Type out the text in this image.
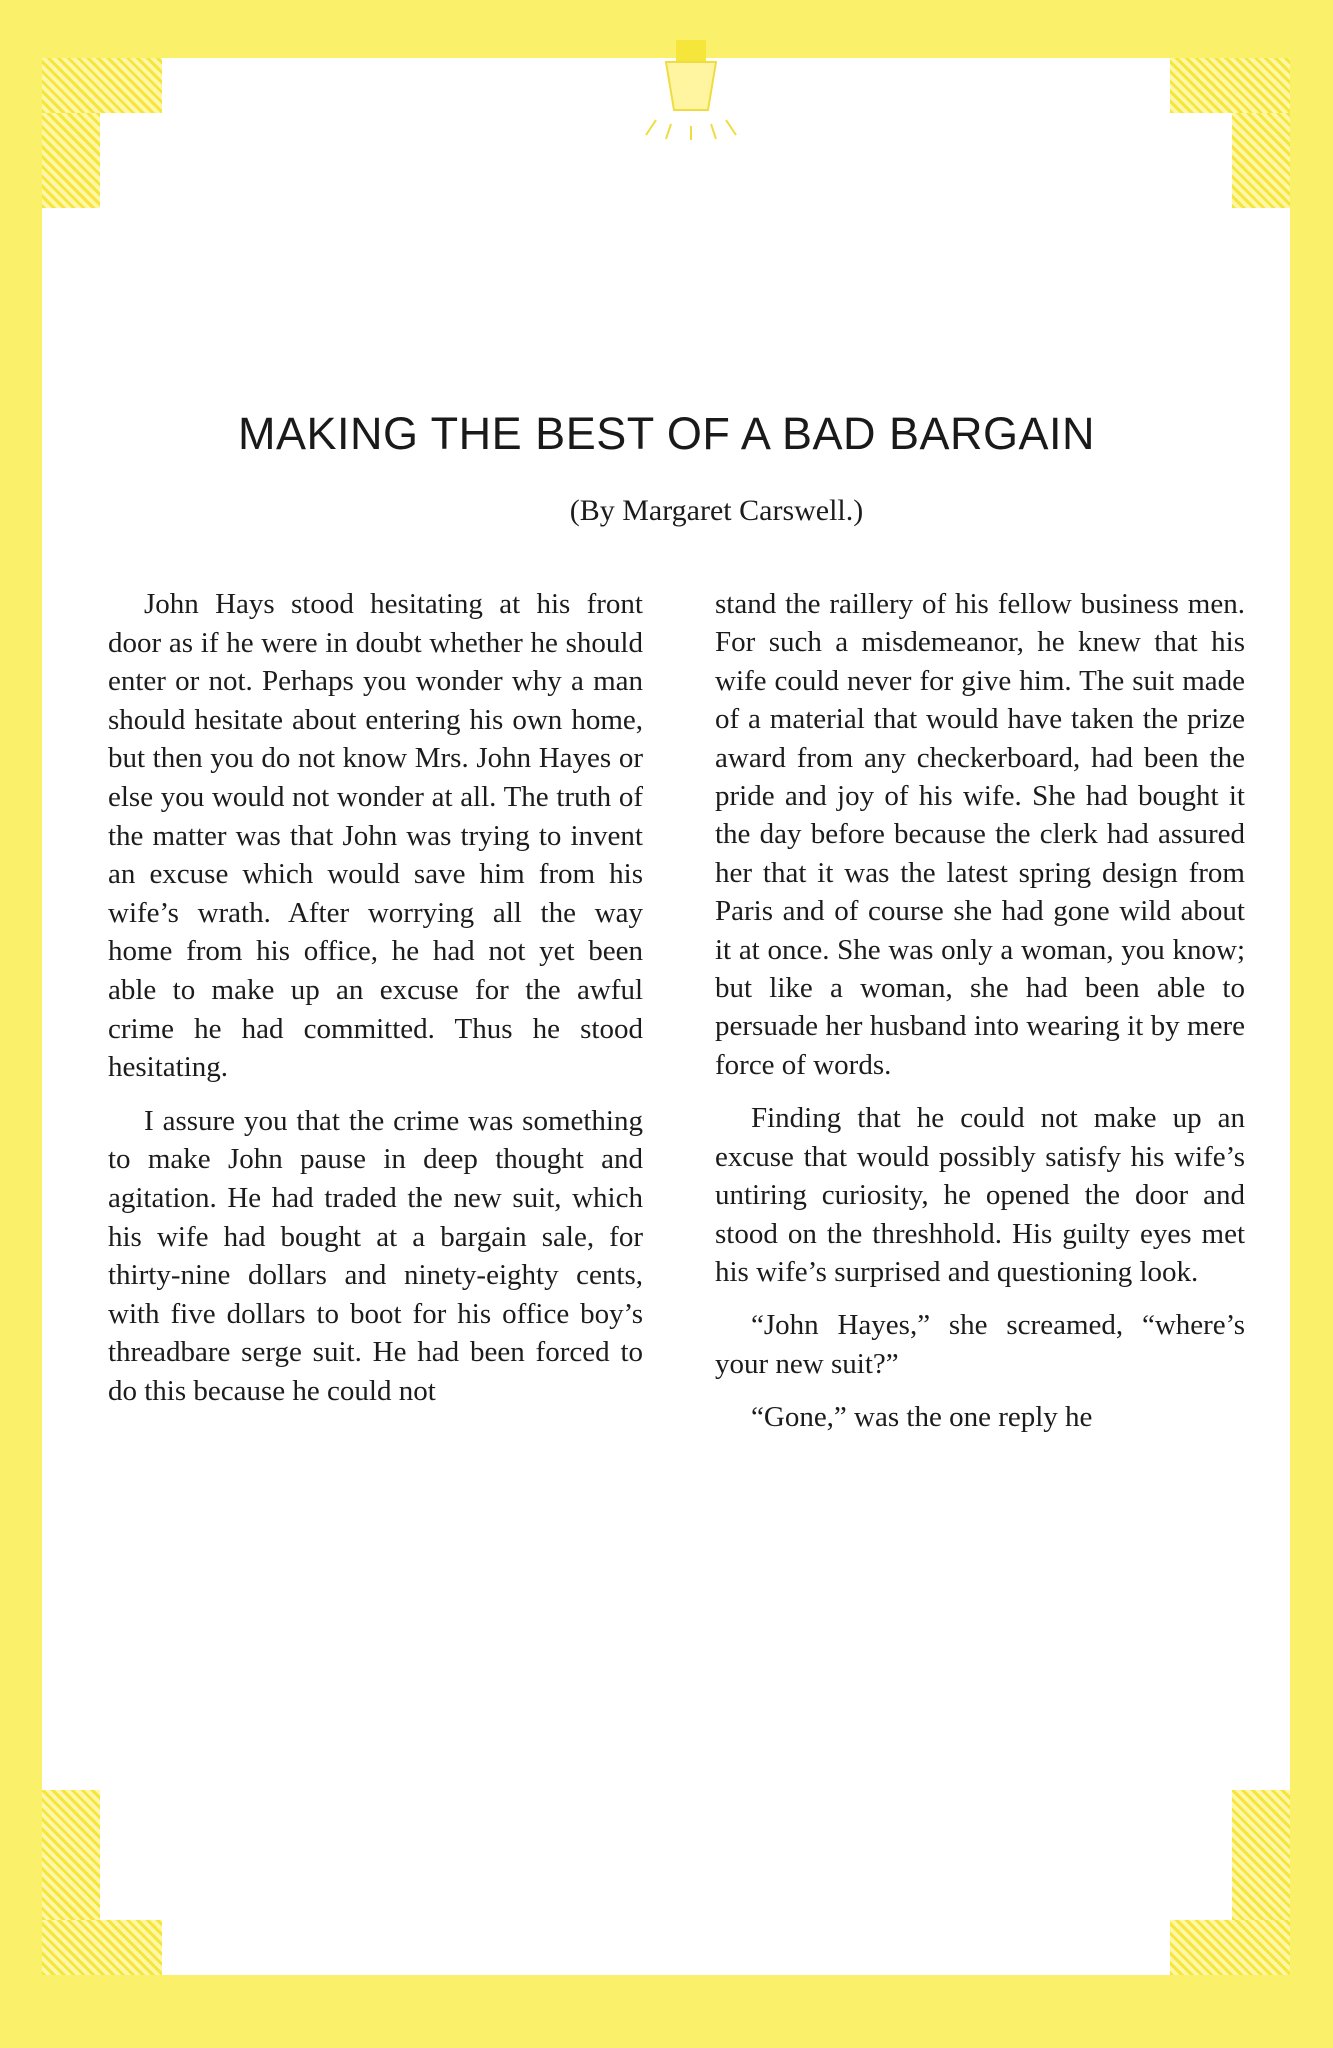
MAKING THE BEST OF A BAD BARGAIN
(By Margaret Carswell.)

John Hays stood hesitating at his front door as if he were in doubt whether he should enter or not. Perhaps you wonder why a man should hesitate about entering his own home, but then you do not know Mrs. John Hayes or else you would not wonder at all. The truth of the matter was that John was trying to invent an excuse which would save him from his wife’s wrath. After worrying all the way home from his office, he had not yet been able to make up an excuse for the awful crime he had committed. Thus he stood hesitating.

I assure you that the crime was something to make John pause in deep thought and agitation. He had traded the new suit, which his wife had bought at a bargain sale, for thirty-nine dollars and ninety-eighty cents, with five dollars to boot for his office boy’s threadbare serge suit. He had been forced to do this because he could not

stand the raillery of his fellow business men. For such a misdemeanor, he knew that his wife could never for give him. The suit made of a material that would have taken the prize award from any checkerboard, had been the pride and joy of his wife. She had bought it the day before because the clerk had assured her that it was the latest spring design from Paris and of course she had gone wild about it at once. She was only a woman, you know; but like a woman, she had been able to persuade her husband into wearing it by mere force of words.

Finding that he could not make up an excuse that would possibly satisfy his wife’s untiring curiosity, he opened the door and stood on the threshhold. His guilty eyes met his wife’s surprised and questioning look.

“John Hayes,” she screamed, “where’s your new suit?”

“Gone,” was the one reply he
